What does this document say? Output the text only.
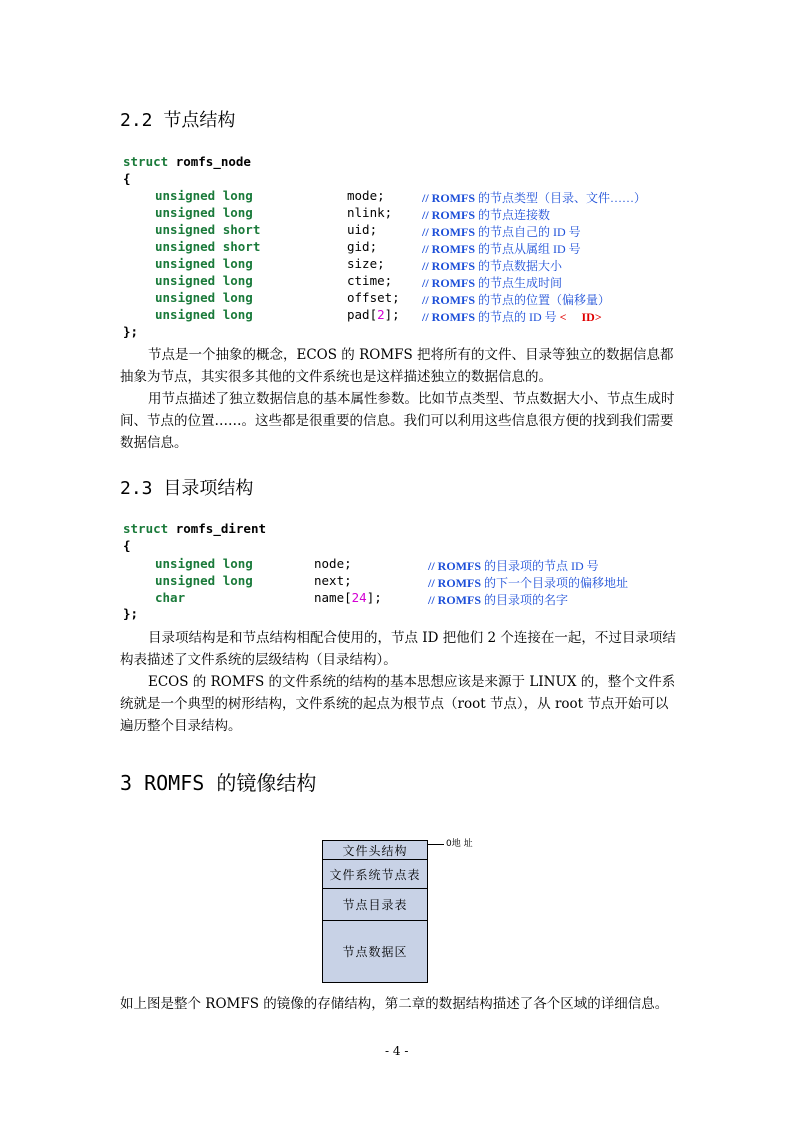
2.2 节点结构
struct romfs_node
{
unsigned long	mode;	// ROMFS 的节点类型（目录、文件……）
unsigned long	nlink; // ROMFS 的节点连接数
unsigned short	uid;	// ROMFS 的节点自己的 ID 号
unsigned short	gid;	// ROMFS 的节点从属组 ID 号
unsigned long	size;	// ROMFS 的节点数据大小
unsigned long	ctime; // ROMFS 的节点生成时间
unsigned long	offset; // ROMFS 的节点的位置（偏移量）
unsigned long	pad[2]; // ROMFS 的节点的 ID 号 <     ID>
};
节点是一个抽象的概念，ECOS 的 ROMFS 把将所有的文件、目录等独立的数据信息都抽象为节点，其实很多其他的文件系统也是这样描述独立的数据信息的。
用节点描述了独立数据信息的基本属性参数。比如节点类型、节点数据大小、节点生成时间、节点的位置……。这些都是很重要的信息。我们可以利用这些信息很方便的找到我们需要数据信息。
2.3 目录项结构
struct romfs_dirent
{
unsigned long	node;	// ROMFS 的目录项的节点 ID 号
unsigned long	next;	// ROMFS 的下一个目录项的偏移地址
char	name[24];	// ROMFS 的目录项的名字
};
目录项结构是和节点结构相配合使用的，节点 ID 把他们 2 个连接在一起，不过目录项结构表描述了文件系统的层级结构（目录结构）。
ECOS 的 ROMFS 的文件系统的结构的基本思想应该是来源于 LINUX 的，整个文件系统就是一个典型的树形结构，文件系统的起点为根节点（root 节点），从 root 节点开始可以遍历整个目录结构。
3 ROMFS 的镜像结构
文件头结构
文件系统节点表
节点目录表
节点数据区
0地 址
如上图是整个 ROMFS 的镜像的存储结构，第二章的数据结构描述了各个区域的详细信息。
- 4 -
